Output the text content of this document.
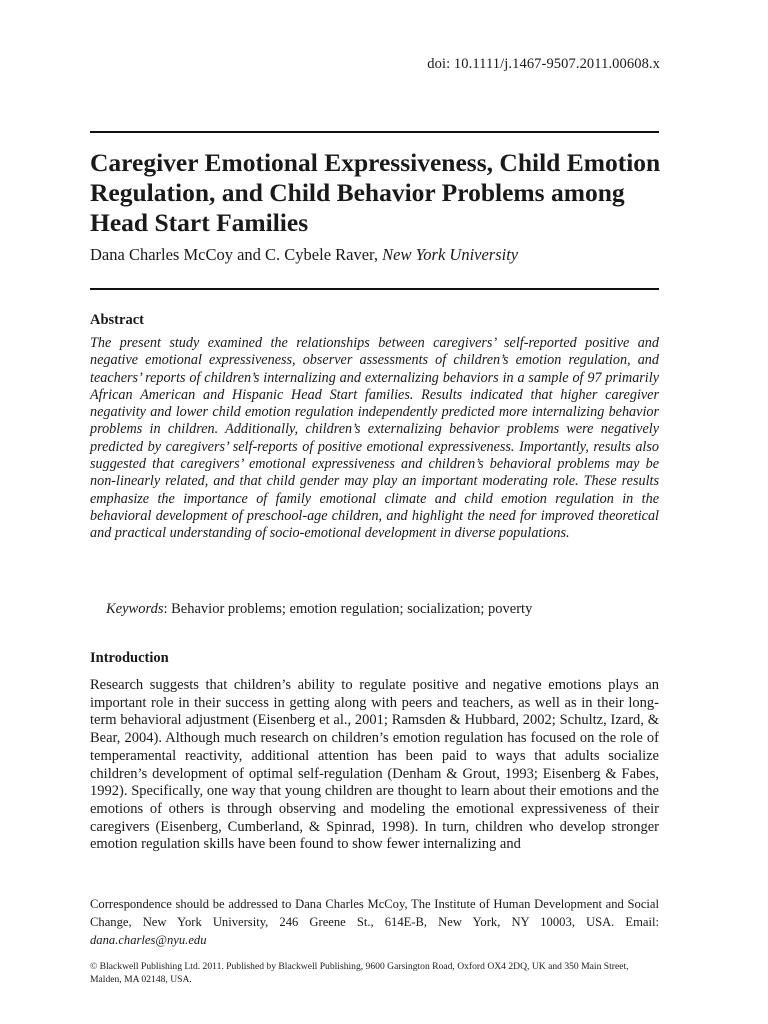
doi: 10.1111/j.1467-9507.2011.00608.x
Caregiver Emotional Expressiveness, Child Emotion Regulation, and Child Behavior Problems among Head Start Families
Dana Charles McCoy and C. Cybele Raver, New York University
Abstract

The present study examined the relationships between caregivers’ self-reported positive and negative emotional expressiveness, observer assessments of children’s emotion regulation, and teachers’ reports of children’s internalizing and externalizing behaviors in a sample of 97 primarily African American and Hispanic Head Start families. Results indicated that higher caregiver negativity and lower child emotion regulation independently predicted more internalizing behavior problems in children. Additionally, children’s externalizing behavior problems were negatively predicted by caregivers’ self-reports of positive emotional expressiveness. Importantly, results also suggested that caregivers’ emotional expressiveness and children’s behavioral problems may be non-linearly related, and that child gender may play an important moderating role. These results emphasize the importance of family emotional climate and child emotion regulation in the behavioral development of preschool-age children, and highlight the need for improved theoretical and practical understanding of socio-emotional development in diverse populations.

Keywords: Behavior problems; emotion regulation; socialization; poverty
Introduction

Research suggests that children’s ability to regulate positive and negative emotions plays an important role in their success in getting along with peers and teachers, as well as in their long-term behavioral adjustment (Eisenberg et al., 2001; Ramsden & Hubbard, 2002; Schultz, Izard, & Bear, 2004). Although much research on children’s emotion regulation has focused on the role of temperamental reactivity, additional attention has been paid to ways that adults socialize children’s development of optimal self-regulation (Denham & Grout, 1993; Eisenberg & Fabes, 1992). Specifically, one way that young children are thought to learn about their emotions and the emotions of others is through observing and modeling the emotional expressiveness of their caregivers (Eisenberg, Cumberland, & Spinrad, 1998). In turn, children who develop stronger emotion regulation skills have been found to show fewer internalizing and

Correspondence should be addressed to Dana Charles McCoy, The Institute of Human Development and Social Change, New York University, 246 Greene St., 614E-B, New York, NY 10003, USA. Email: dana.charles@nyu.edu

© Blackwell Publishing Ltd. 2011. Published by Blackwell Publishing, 9600 Garsington Road, Oxford OX4 2DQ, UK and 350 Main Street, Malden, MA 02148, USA.
